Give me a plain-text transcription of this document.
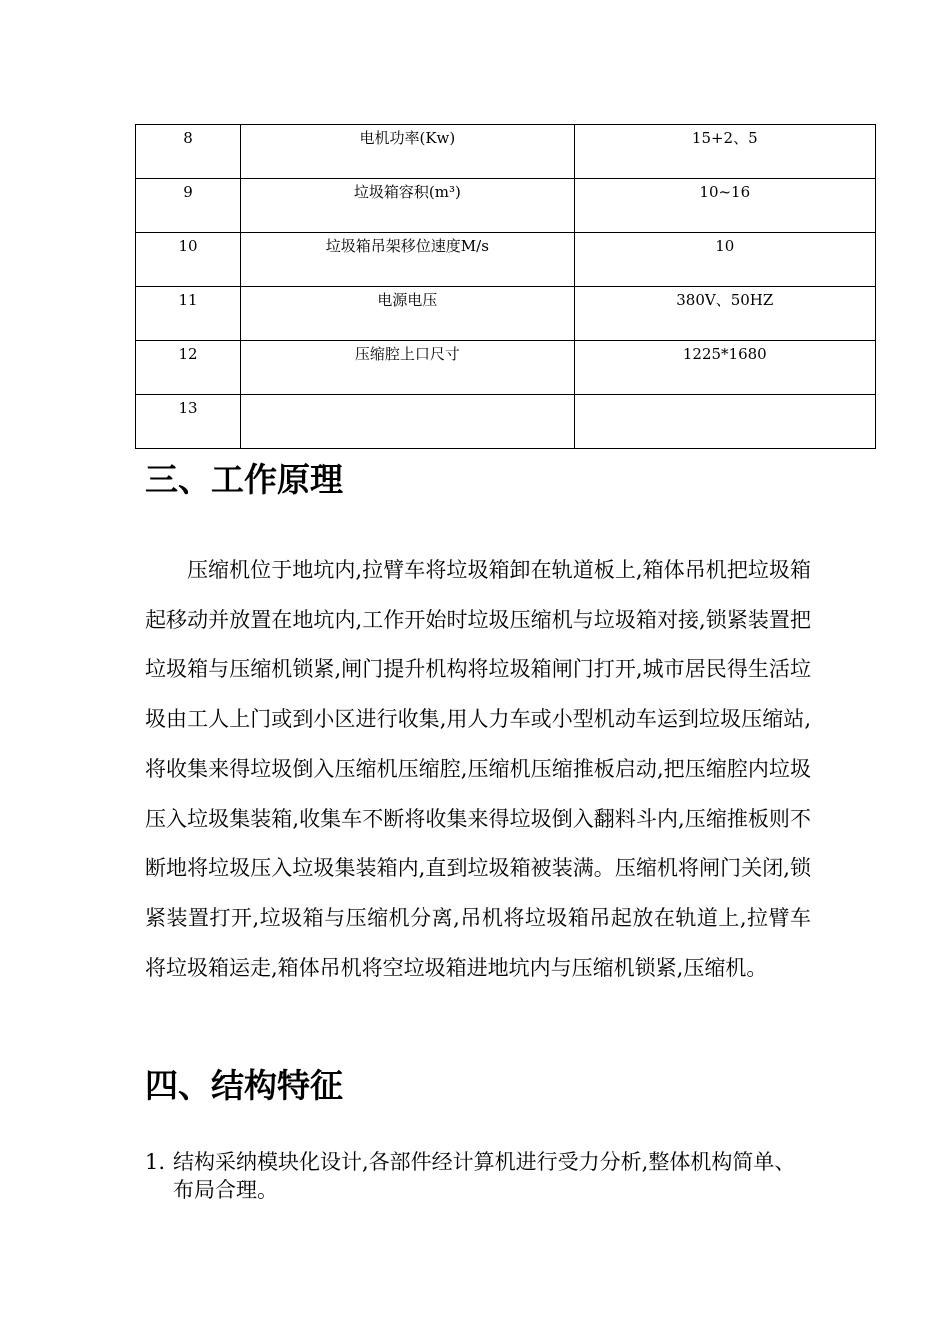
8	电机功率(Kw)	15+2、5

9	垃圾箱容积(m³)	10~16

10	垃圾箱吊架移位速度M/s	10

11	电源电压	380V、50HZ

12	压缩腔上口尺寸	1225*1680

13		

三、工作原理

压缩机位于地坑内,拉臂车将垃圾箱卸在轨道板上,箱体吊机把垃圾箱起移动并放置在地坑内,工作开始时垃圾压缩机与垃圾箱对接,锁紧装置把垃圾箱与压缩机锁紧,闸门提升机构将垃圾箱闸门打开,城市居民得生活垃圾由工人上门或到小区进行收集,用人力车或小型机动车运到垃圾压缩站,将收集来得垃圾倒入压缩机压缩腔,压缩机压缩推板启动,把压缩腔内垃圾压入垃圾集装箱,收集车不断将收集来得垃圾倒入翻料斗内,压缩推板则不断地将垃圾压入垃圾集装箱内,直到垃圾箱被装满。压缩机将闸门关闭,锁紧装置打开,垃圾箱与压缩机分离,吊机将垃圾箱吊起放在轨道上,拉臂车将垃圾箱运走,箱体吊机将空垃圾箱进地坑内与压缩机锁紧,压缩机。

四、结构特征
1. 结构采纳模块化设计,各部件经计算机进行受力分析,整体机构简单、布局合理。
